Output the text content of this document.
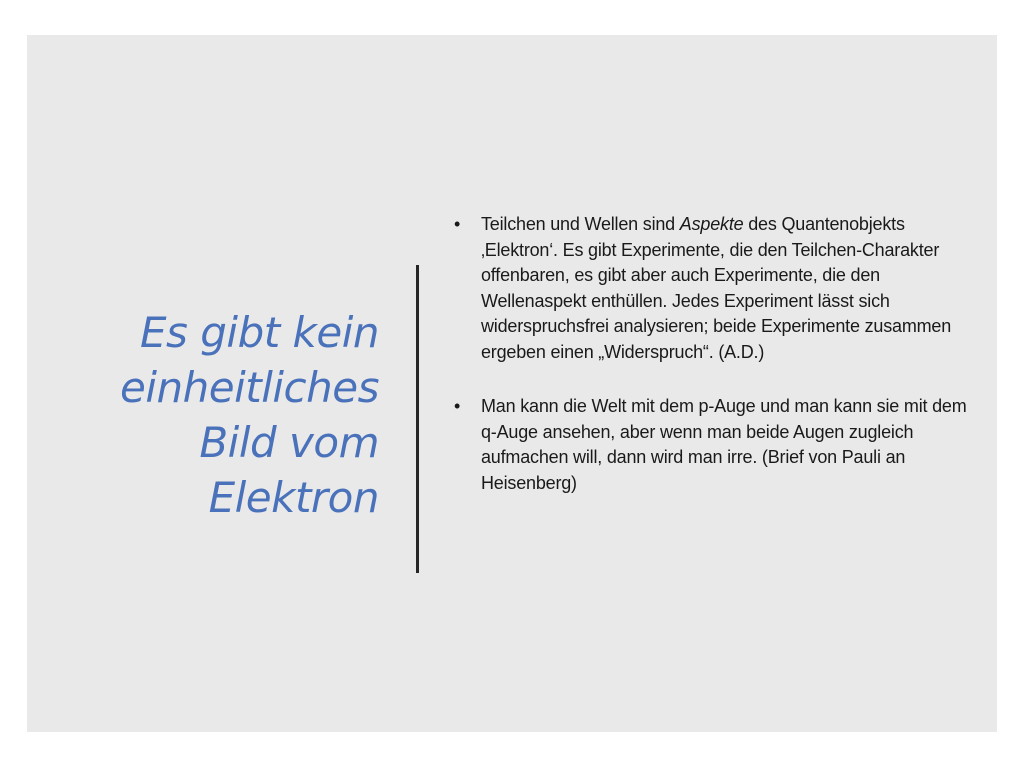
Es gibt kein
einheitliches
Bild vom
Elektron
• Teilchen und Wellen sind Aspekte des Quantenobjekts ‚Elektron‘. Es gibt Experimente, die den Teilchen-Charakter offenbaren, es gibt aber auch Experimente, die den Wellenaspekt enthüllen. Jedes Experiment lässt sich widerspruchsfrei analysieren; beide Experimente zusammen ergeben einen „Widerspruch“. (A.D.)
• Man kann die Welt mit dem p-Auge und man kann sie mit dem q-Auge ansehen, aber wenn man beide Augen zugleich aufmachen will, dann wird man irre. (Brief von Pauli an Heisenberg)
